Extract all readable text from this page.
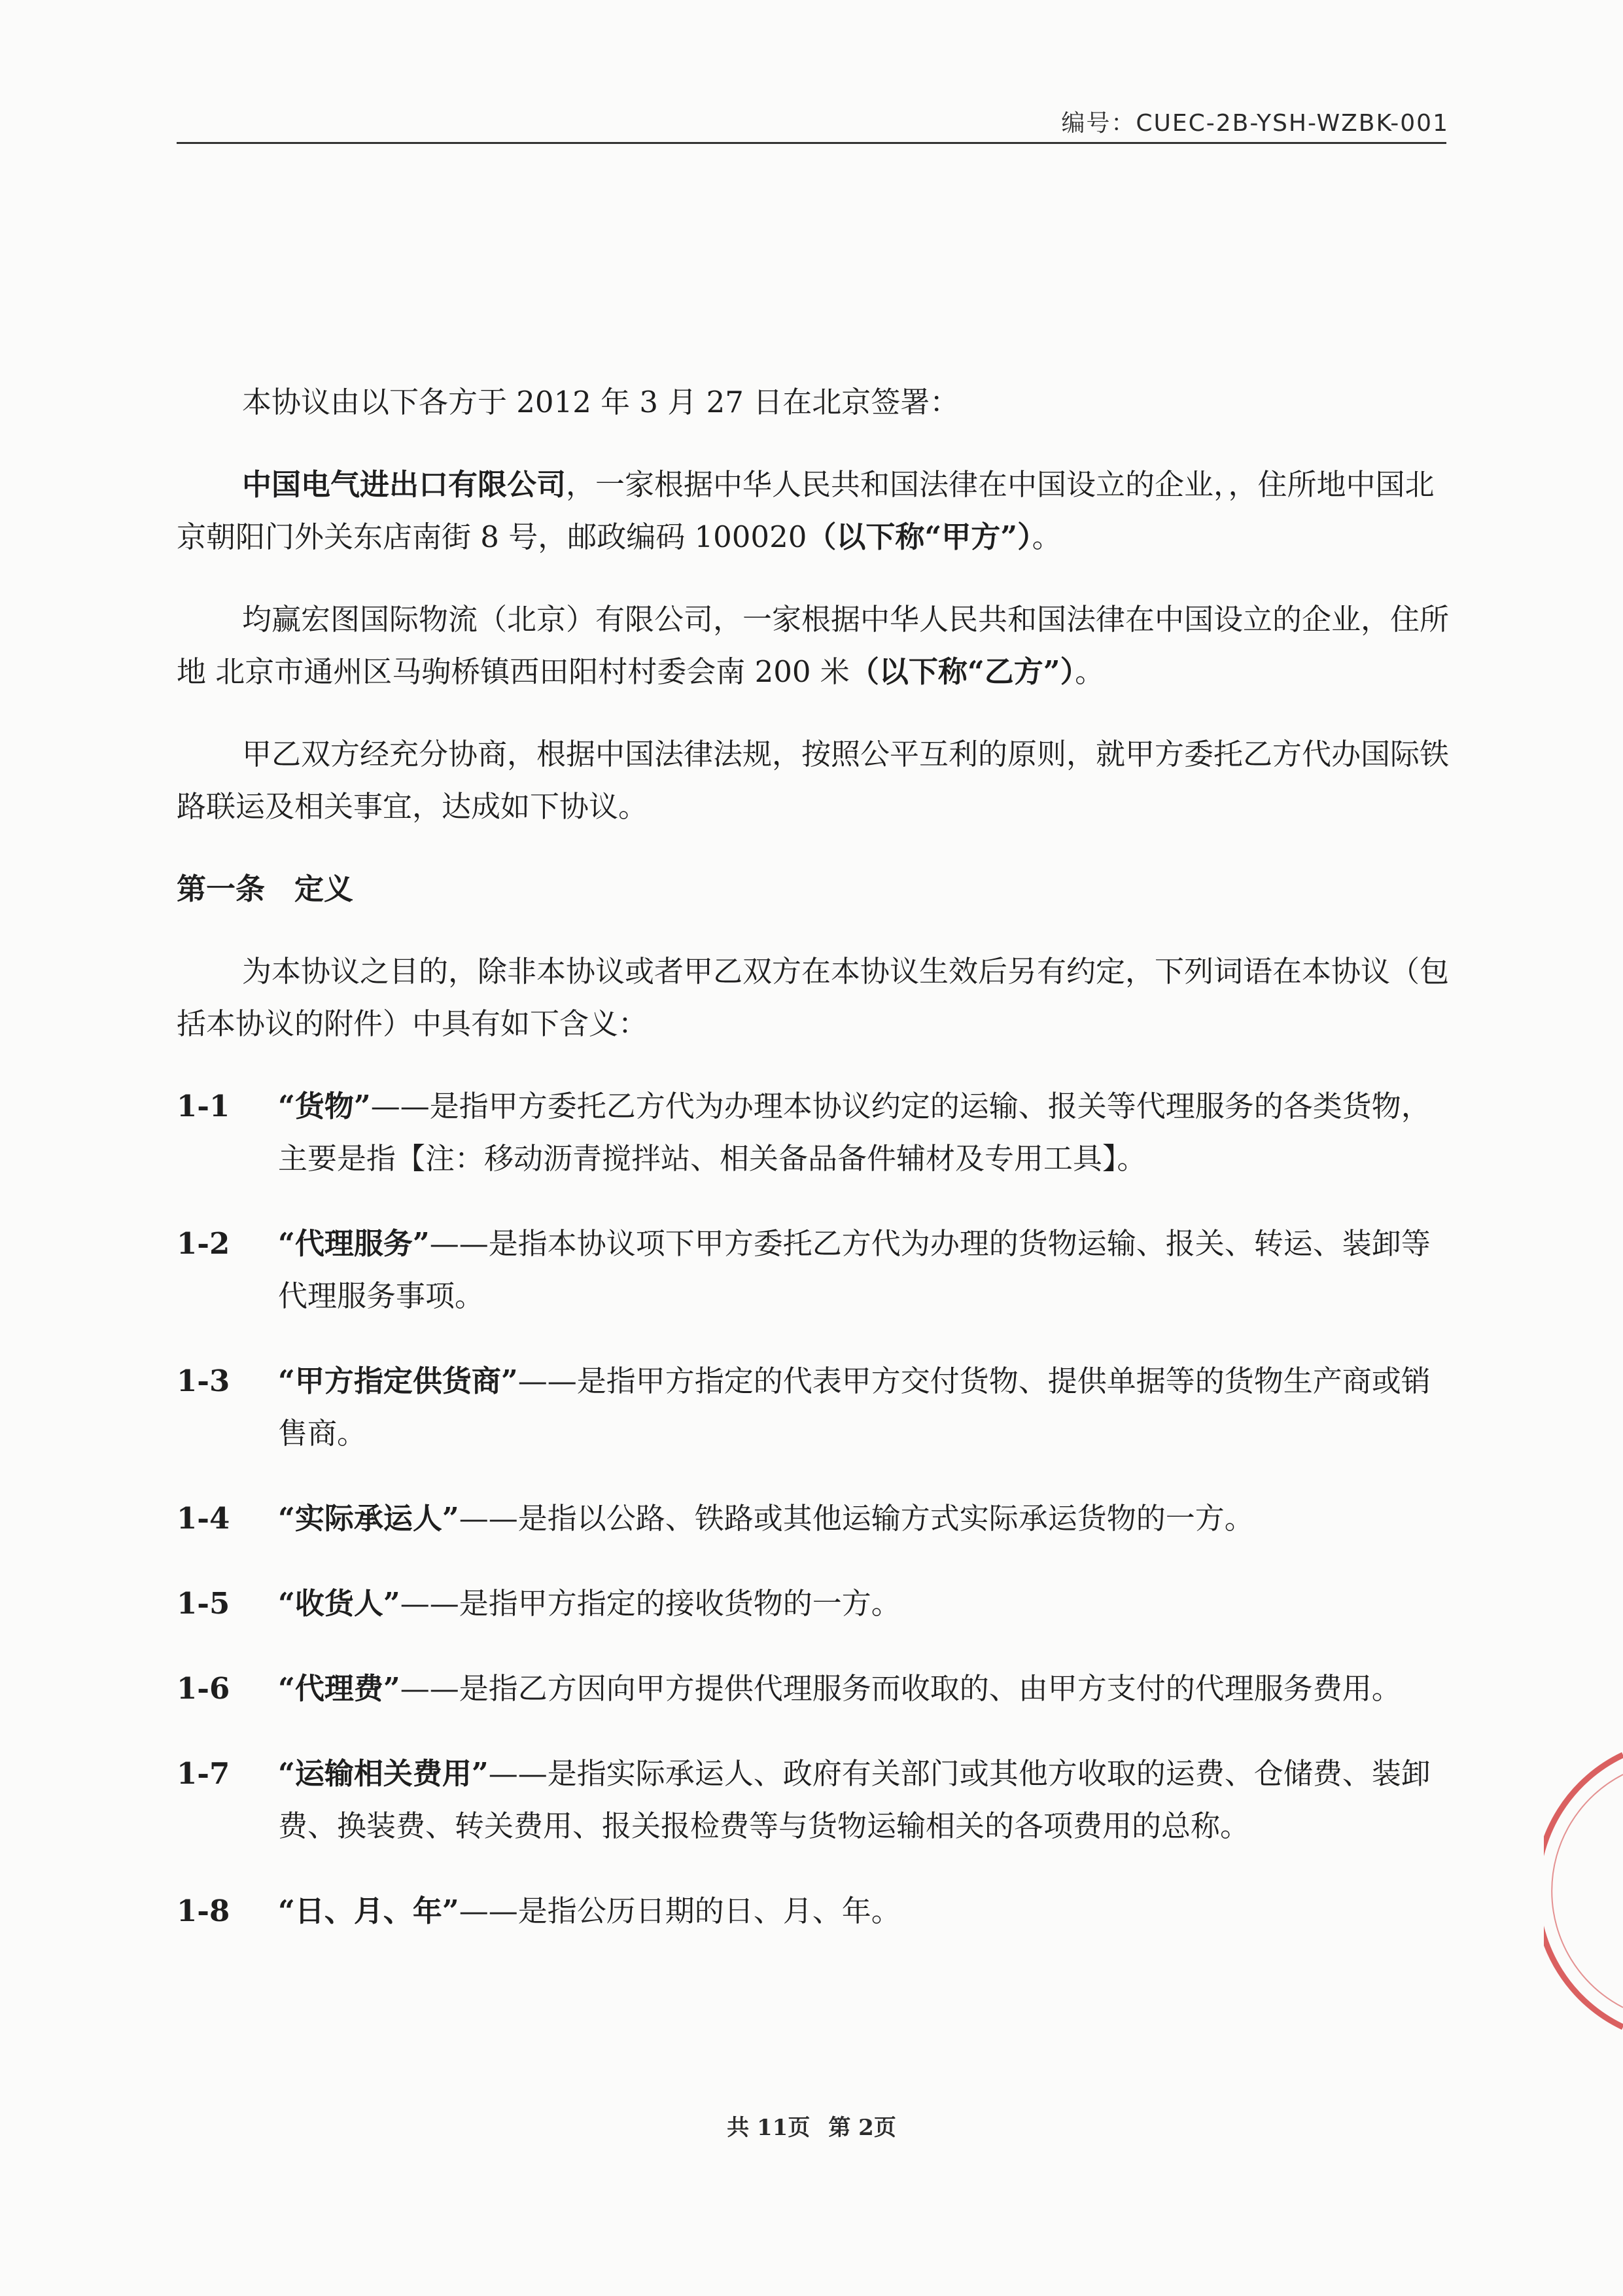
编号：CUEC-2B-YSH-WZBK-001

本协议由以下各方于 2012 年 3 月 27 日在北京签署：

中国电气进出口有限公司，一家根据中华人民共和国法律在中国设立的企业，，住所地中国北京朝阳门外关东店南街 8 号，邮政编码 100020（以下称“甲方”）。

均赢宏图国际物流（北京）有限公司，一家根据中华人民共和国法律在中国设立的企业，住所地 北京市通州区马驹桥镇西田阳村村委会南 200 米（以下称“乙方”）。

甲乙双方经充分协商，根据中国法律法规，按照公平互利的原则，就甲方委托乙方代办国际铁路联运及相关事宜，达成如下协议。

第一条 定义

为本协议之目的，除非本协议或者甲乙双方在本协议生效后另有约定，下列词语在本协议（包括本协议的附件）中具有如下含义：

1-1 “货物”——是指甲方委托乙方代为办理本协议约定的运输、报关等代理服务的各类货物，主要是指【注：移动沥青搅拌站、相关备品备件辅材及专用工具】。
1-2 “代理服务”——是指本协议项下甲方委托乙方代为办理的货物运输、报关、转运、装卸等代理服务事项。
1-3 “甲方指定供货商”——是指甲方指定的代表甲方交付货物、提供单据等的货物生产商或销售商。
1-4 “实际承运人”——是指以公路、铁路或其他运输方式实际承运货物的一方。
1-5 “收货人”——是指甲方指定的接收货物的一方。
1-6 “代理费”——是指乙方因向甲方提供代理服务而收取的、由甲方支付的代理服务费用。
1-7 “运输相关费用”——是指实际承运人、政府有关部门或其他方收取的运费、仓储费、装卸费、换装费、转关费用、报关报检费等与货物运输相关的各项费用的总称。
1-8 “日、月、年”——是指公历日期的日、月、年。
共 11页 第 2页
